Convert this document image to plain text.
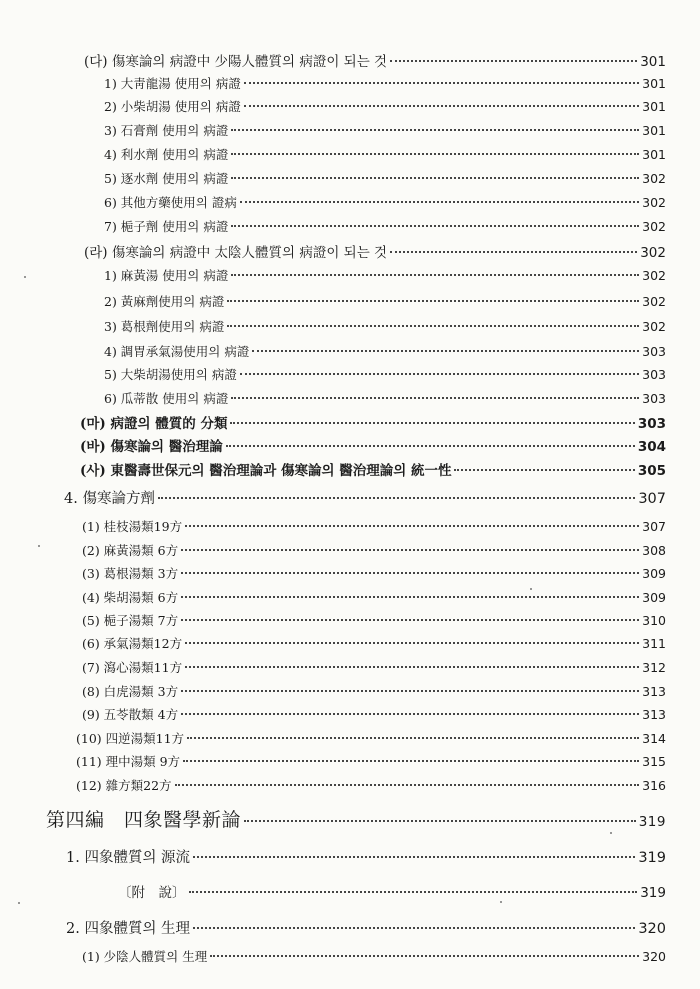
(다) 傷寒論의 病證中 少陽人體質의 病證이 되는 것	301
1) 大靑龍湯 使用의 病證	301
2) 小柴胡湯 使用의 病證	301
3) 石膏劑 使用의 病證	301
4) 利水劑 使用의 病證	301
5) 逐水劑 使用의 病證	302
6) 其他方藥使用의 證病	302
7) 梔子劑 使用의 病證	302
(라) 傷寒論의 病證中 太陰人體質의 病證이 되는 것	302
1) 麻黃湯 使用의 病證	302
2) 黃麻劑使用의 病證	302
3) 葛根劑使用의 病證	302
4) 調胃承氣湯使用의 病證	303
5) 大柴胡湯使用의 病證	303
6) 瓜蒂散 使用의 病證	303
(마) 病證의 體質的 分類	303
(바) 傷寒論의 醫治理論	304
(사) 東醫壽世保元의 醫治理論과 傷寒論의 醫治理論의 統一性	305
4. 傷寒論方劑	307
(1) 桂枝湯類19方	307
(2) 麻黃湯類 6方	308
(3) 葛根湯類 3方	309
(4) 柴胡湯類 6方	309
(5) 梔子湯類 7方	310
(6) 承氣湯類12方	311
(7) 瀉心湯類11方	312
(8) 白虎湯類 3方	313
(9) 五苓散類 4方	313
(10) 四逆湯類11方	314
(11) 理中湯類 9方	315
(12) 雜方類22方	316
第四編　四象醫學新論	319
1. 四象體質의 源流	319
〔附　說〕	319
2. 四象體質의 生理	320
(1) 少陰人體質의 生理	320
